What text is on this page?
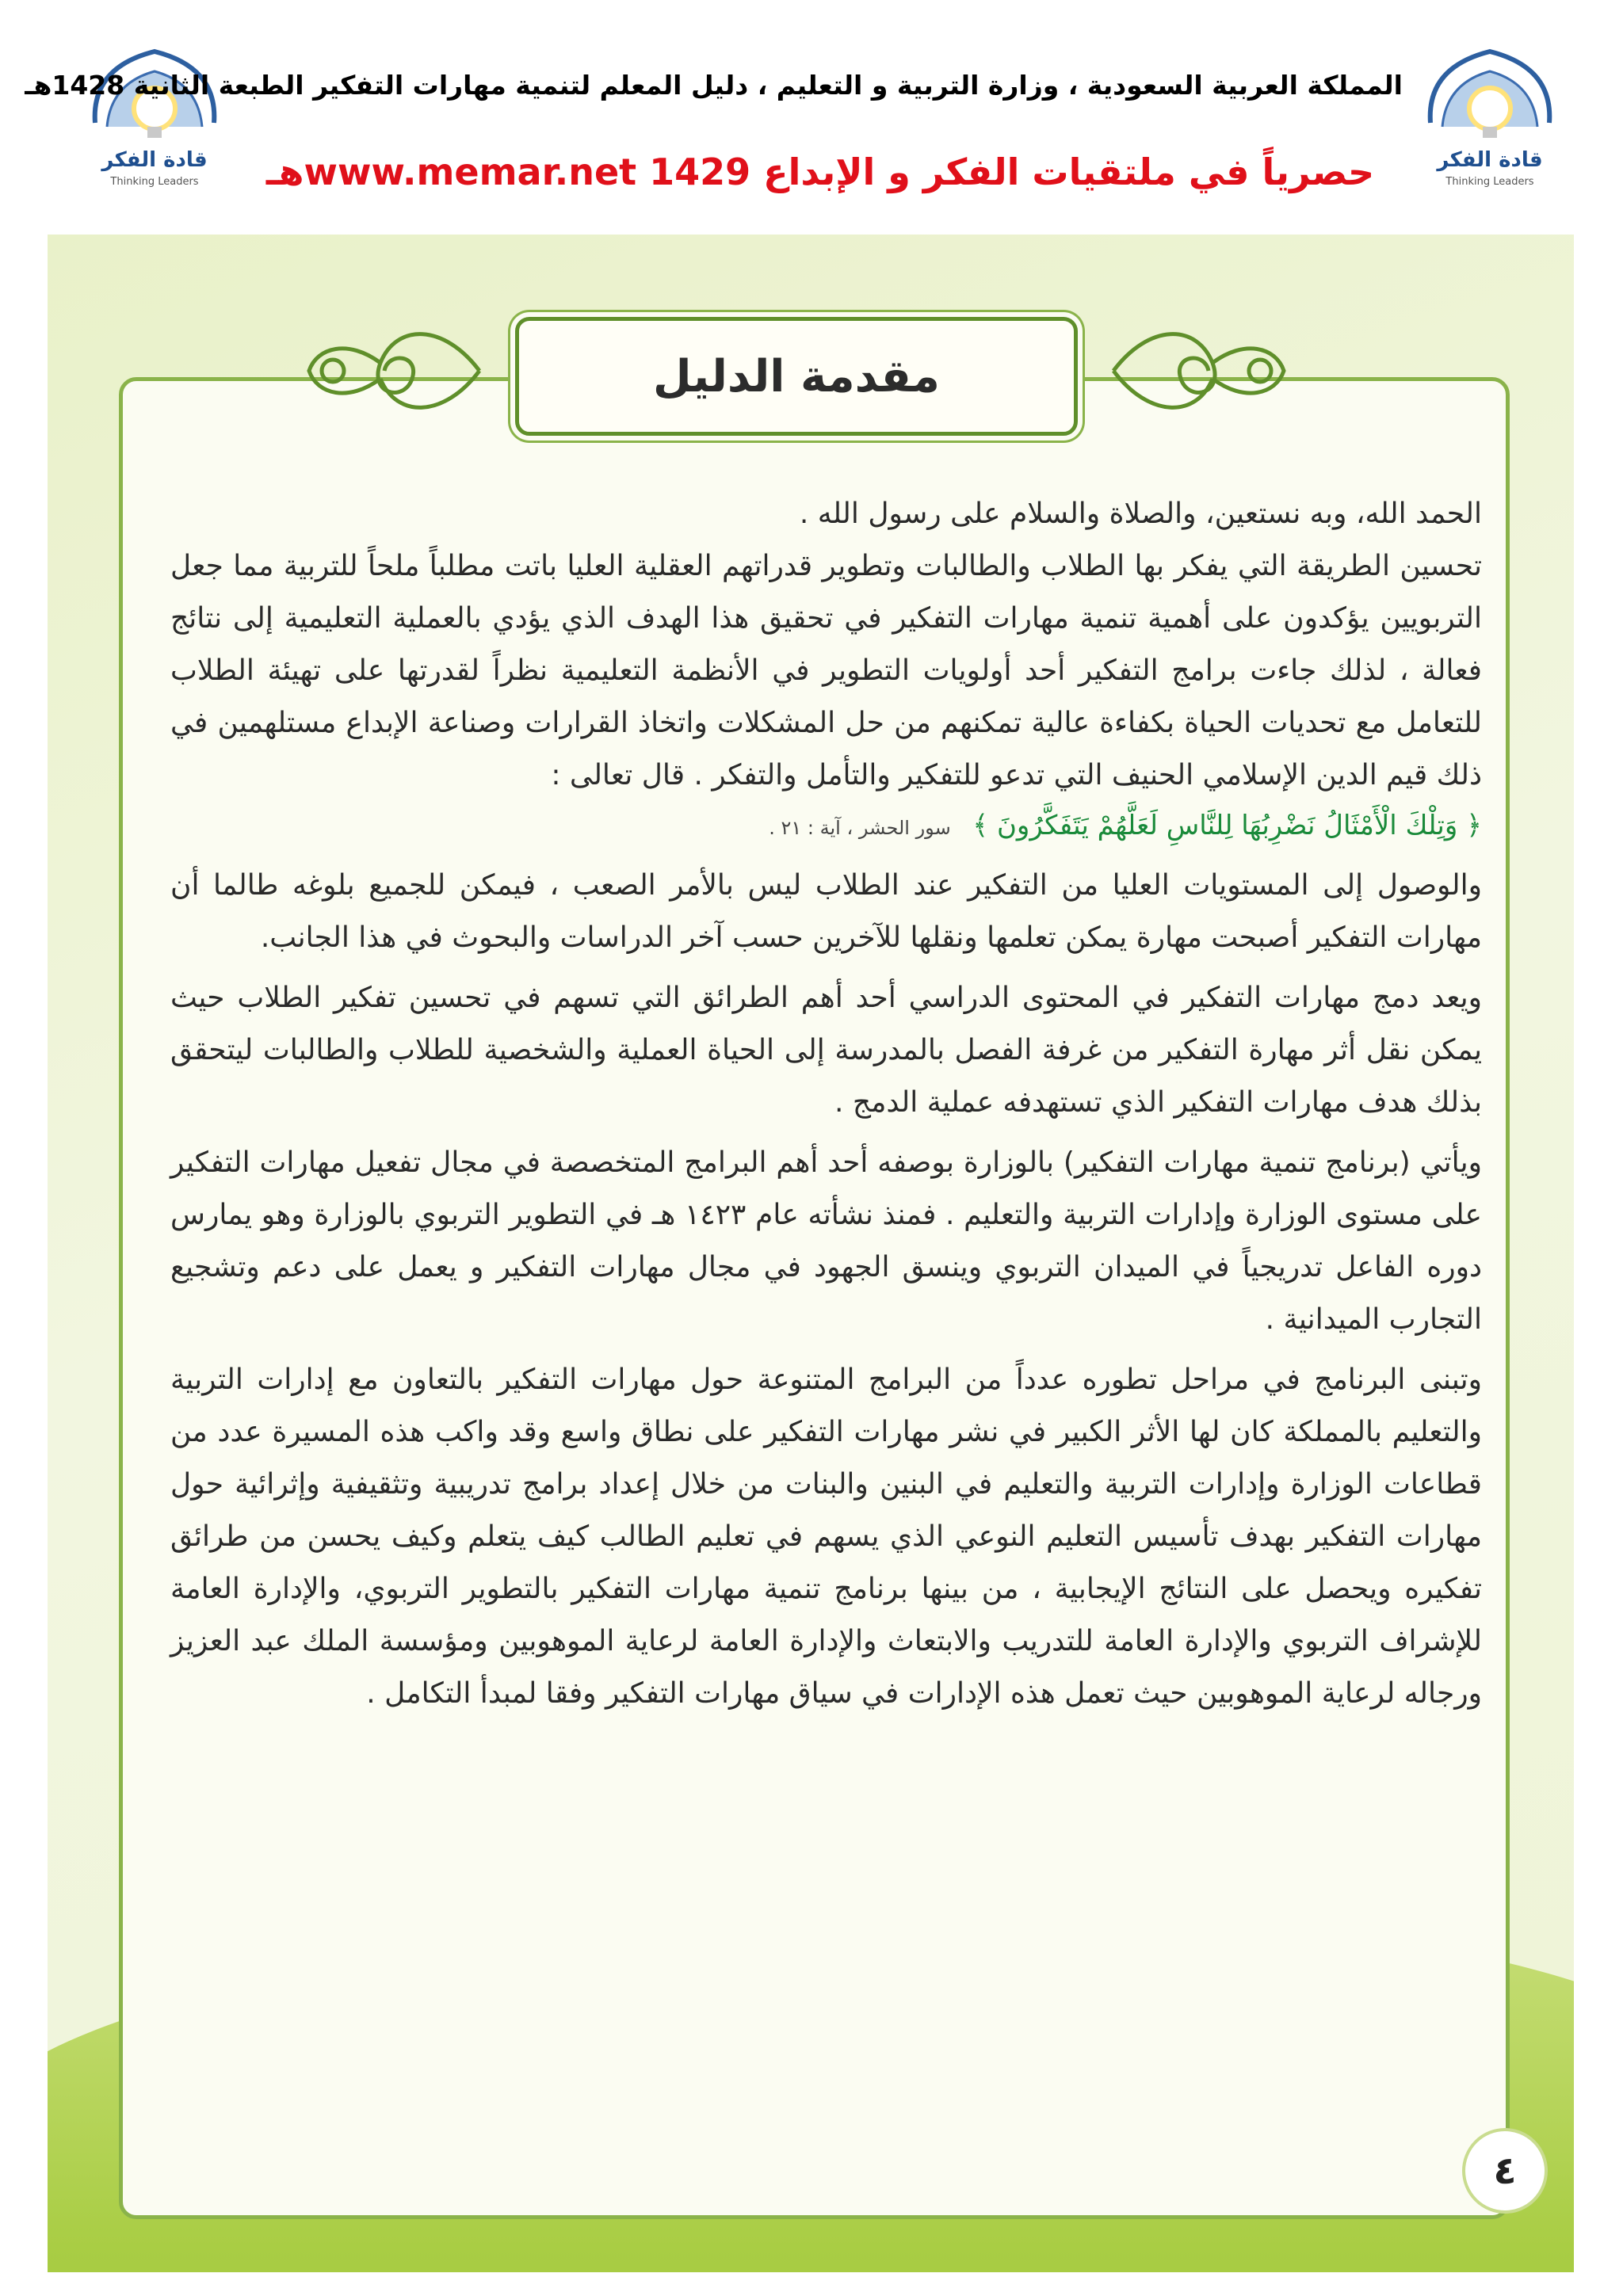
قادة الفكر
Thinking Leaders
قادة الفكر
Thinking Leaders
المملكة العربية السعودية ، وزارة التربية و التعليم ، دليل المعلم لتنمية مهارات التفكير الطبعة الثانية 1428هـ
حصرياً في ملتقيات الفكر و الإبداع www.memar.net 1429هـ
مقدمة الدليل

الحمد الله، وبه نستعين، والصلاة والسلام على رسول الله .

تحسين الطريقة التي يفكر بها الطلاب والطالبات وتطوير قدراتهم العقلية العليا باتت مطلباً ملحاً للتربية مما جعل التربويين يؤكدون على أهمية تنمية مهارات التفكير في تحقيق هذا الهدف الذي يؤدي بالعملية التعليمية إلى نتائج فعالة ، لذلك جاءت برامج التفكير أحد أولويات التطوير في الأنظمة التعليمية نظراً لقدرتها على تهيئة الطلاب للتعامل مع تحديات الحياة بكفاءة عالية تمكنهم من حل المشكلات واتخاذ القرارات وصناعة الإبداع مستلهمين في ذلك قيم الدين الإسلامي الحنيف التي تدعو للتفكير والتأمل والتفكر . قال تعالى :

﴿ وَتِلْكَ الْأَمْثَالُ نَضْرِبُهَا لِلنَّاسِ لَعَلَّهُمْ يَتَفَكَّرُونَ ﴾ سور الحشر ، آية : ٢١ .

والوصول إلى المستويات العليا من التفكير عند الطلاب ليس بالأمر الصعب ، فيمكن للجميع بلوغه طالما أن مهارات التفكير أصبحت مهارة يمكن تعلمها ونقلها للآخرين حسب آخر الدراسات والبحوث في هذا الجانب.

ويعد دمج مهارات التفكير في المحتوى الدراسي أحد أهم الطرائق التي تسهم في تحسين تفكير الطلاب حيث يمكن نقل أثر مهارة التفكير من غرفة الفصل بالمدرسة إلى الحياة العملية والشخصية للطلاب والطالبات ليتحقق بذلك هدف مهارات التفكير الذي تستهدفه عملية الدمج .

ويأتي (برنامج تنمية مهارات التفكير) بالوزارة بوصفه أحد أهم البرامج المتخصصة في مجال تفعيل مهارات التفكير على مستوى الوزارة وإدارات التربية والتعليم . فمنذ نشأته عام ١٤٢٣ هـ في التطوير التربوي بالوزارة وهو يمارس دوره الفاعل تدريجياً في الميدان التربوي وينسق الجهود في مجال مهارات التفكير و يعمل على دعم وتشجيع التجارب الميدانية .

وتبنى البرنامج في مراحل تطوره عدداً من البرامج المتنوعة حول مهارات التفكير بالتعاون مع إدارات التربية والتعليم بالمملكة كان لها الأثر الكبير في نشر مهارات التفكير على نطاق واسع وقد واكب هذه المسيرة عدد من قطاعات الوزارة وإدارات التربية والتعليم في البنين والبنات من خلال إعداد برامج تدريبية وتثقيفية وإثرائية حول مهارات التفكير بهدف تأسيس التعليم النوعي الذي يسهم في تعليم الطالب كيف يتعلم وكيف يحسن من طرائق تفكيره ويحصل على النتائج الإيجابية ، من بينها برنامج تنمية مهارات التفكير بالتطوير التربوي، والإدارة العامة للإشراف التربوي والإدارة العامة للتدريب والابتعاث والإدارة العامة لرعاية الموهوبين ومؤسسة الملك عبد العزيز ورجاله لرعاية الموهوبين حيث تعمل هذه الإدارات في سياق مهارات التفكير وفقا لمبدأ التكامل .

٤
